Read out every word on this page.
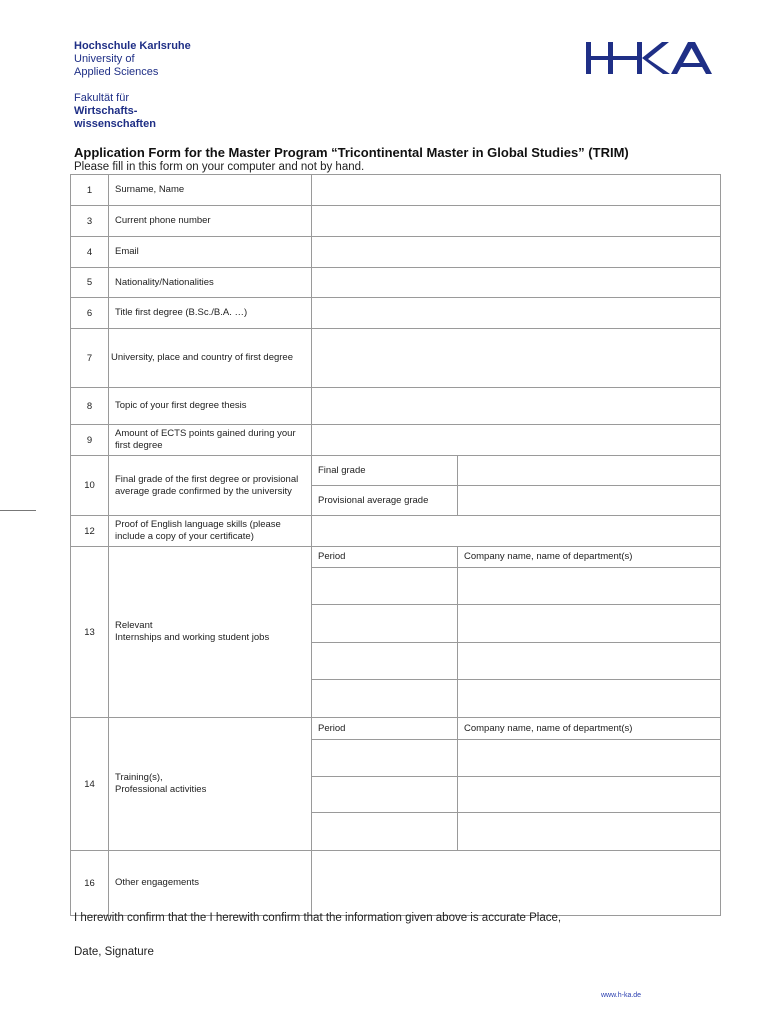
Hochschule Karlsruhe
University of
Applied Sciences
Fakultät für
Wirtschafts-
wissenschaften
Application Form for the Master Program “Tricontinental Master in Global Studies” (TRIM)
Please fill in this form on your computer and not by hand.
1	Surname, Name		
3	Current phone number		
4	Email		
5	Nationality/Nationalities		
6	Title first degree (B.Sc./B.A. …)		
7	University, place and country of first degree		
8	Topic of your first degree thesis		
9	Amount of ECTS points gained during your first degree		
10	Final grade of the first degree or provisional average grade confirmed by the university	Final grade	
		Provisional average grade	
12	Proof of English language skills (please include a copy of your certificate)		
13	Relevant
Internships and working student jobs	Period	Company name, name of department(s)

14	Training(s),
Professional activities	Period	Company name, name of department(s)

16	Other engagements		
I herewith confirm that the I herewith confirm that the information given above is accurate Place,
Date, Signature
www.h-ka.de
